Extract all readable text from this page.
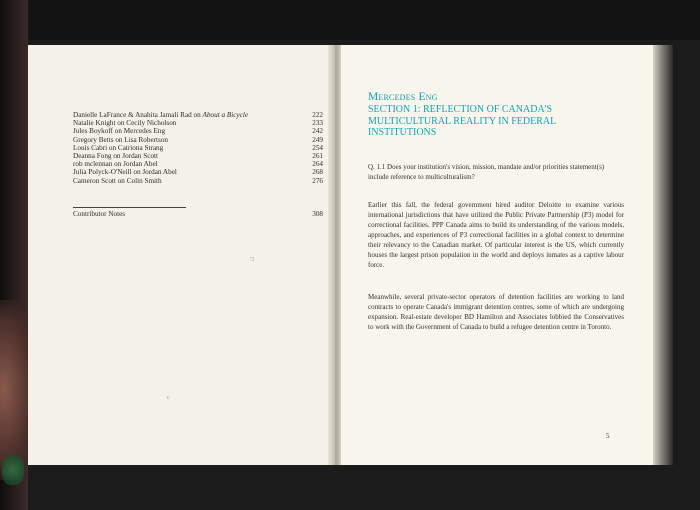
Danielle LaFrance & Anahita Jamali Rad on About a Bicycle	222
Natalie Knight on Cecily Nicholson	233
Jules Boykoff on Mercedes Eng	242
Gregory Betts on Lisa Robertson	249
Louis Cabri on Catriona Strang	254
Deanna Fong on Jordan Scott	261
rob mclennan on Jordan Abel	264
Julia Polyck-O'Neill on Jordan Abel	268
Cameron Scott on Colin Smith	276
Contributor Notes	308
'3
c
Mercedes Eng
SECTION 1: REFLECTION OF CANADA'S MULTICULTURAL REALITY IN FEDERAL INSTITUTIONS
Q. 1.1 Does your institution's vision, mission, mandate and/or priorities statement(s) include reference to multiculturalism?
Earlier this fall, the federal government hired auditor Deloitte to examine various international jurisdictions that have utilized the Public Private Partnership (P3) model for correctional facilities. PPP Canada aims to build its understanding of the various models, approaches, and experiences of P3 correctional facilities in a global context to determine their relevancy to the Canadian market. Of particular interest is the US, which currently houses the largest prison population in the world and deploys inmates as a captive labour force.
Meanwhile, several private-sector operators of detention facilities are working to land contracts to operate Canada's immigrant detention centres, some of which are undergoing expansion. Real-estate developer BD Hamilton and Associates lobbied the Conservatives to work with the Government of Canada to build a refugee detention centre in Toronto.
5
